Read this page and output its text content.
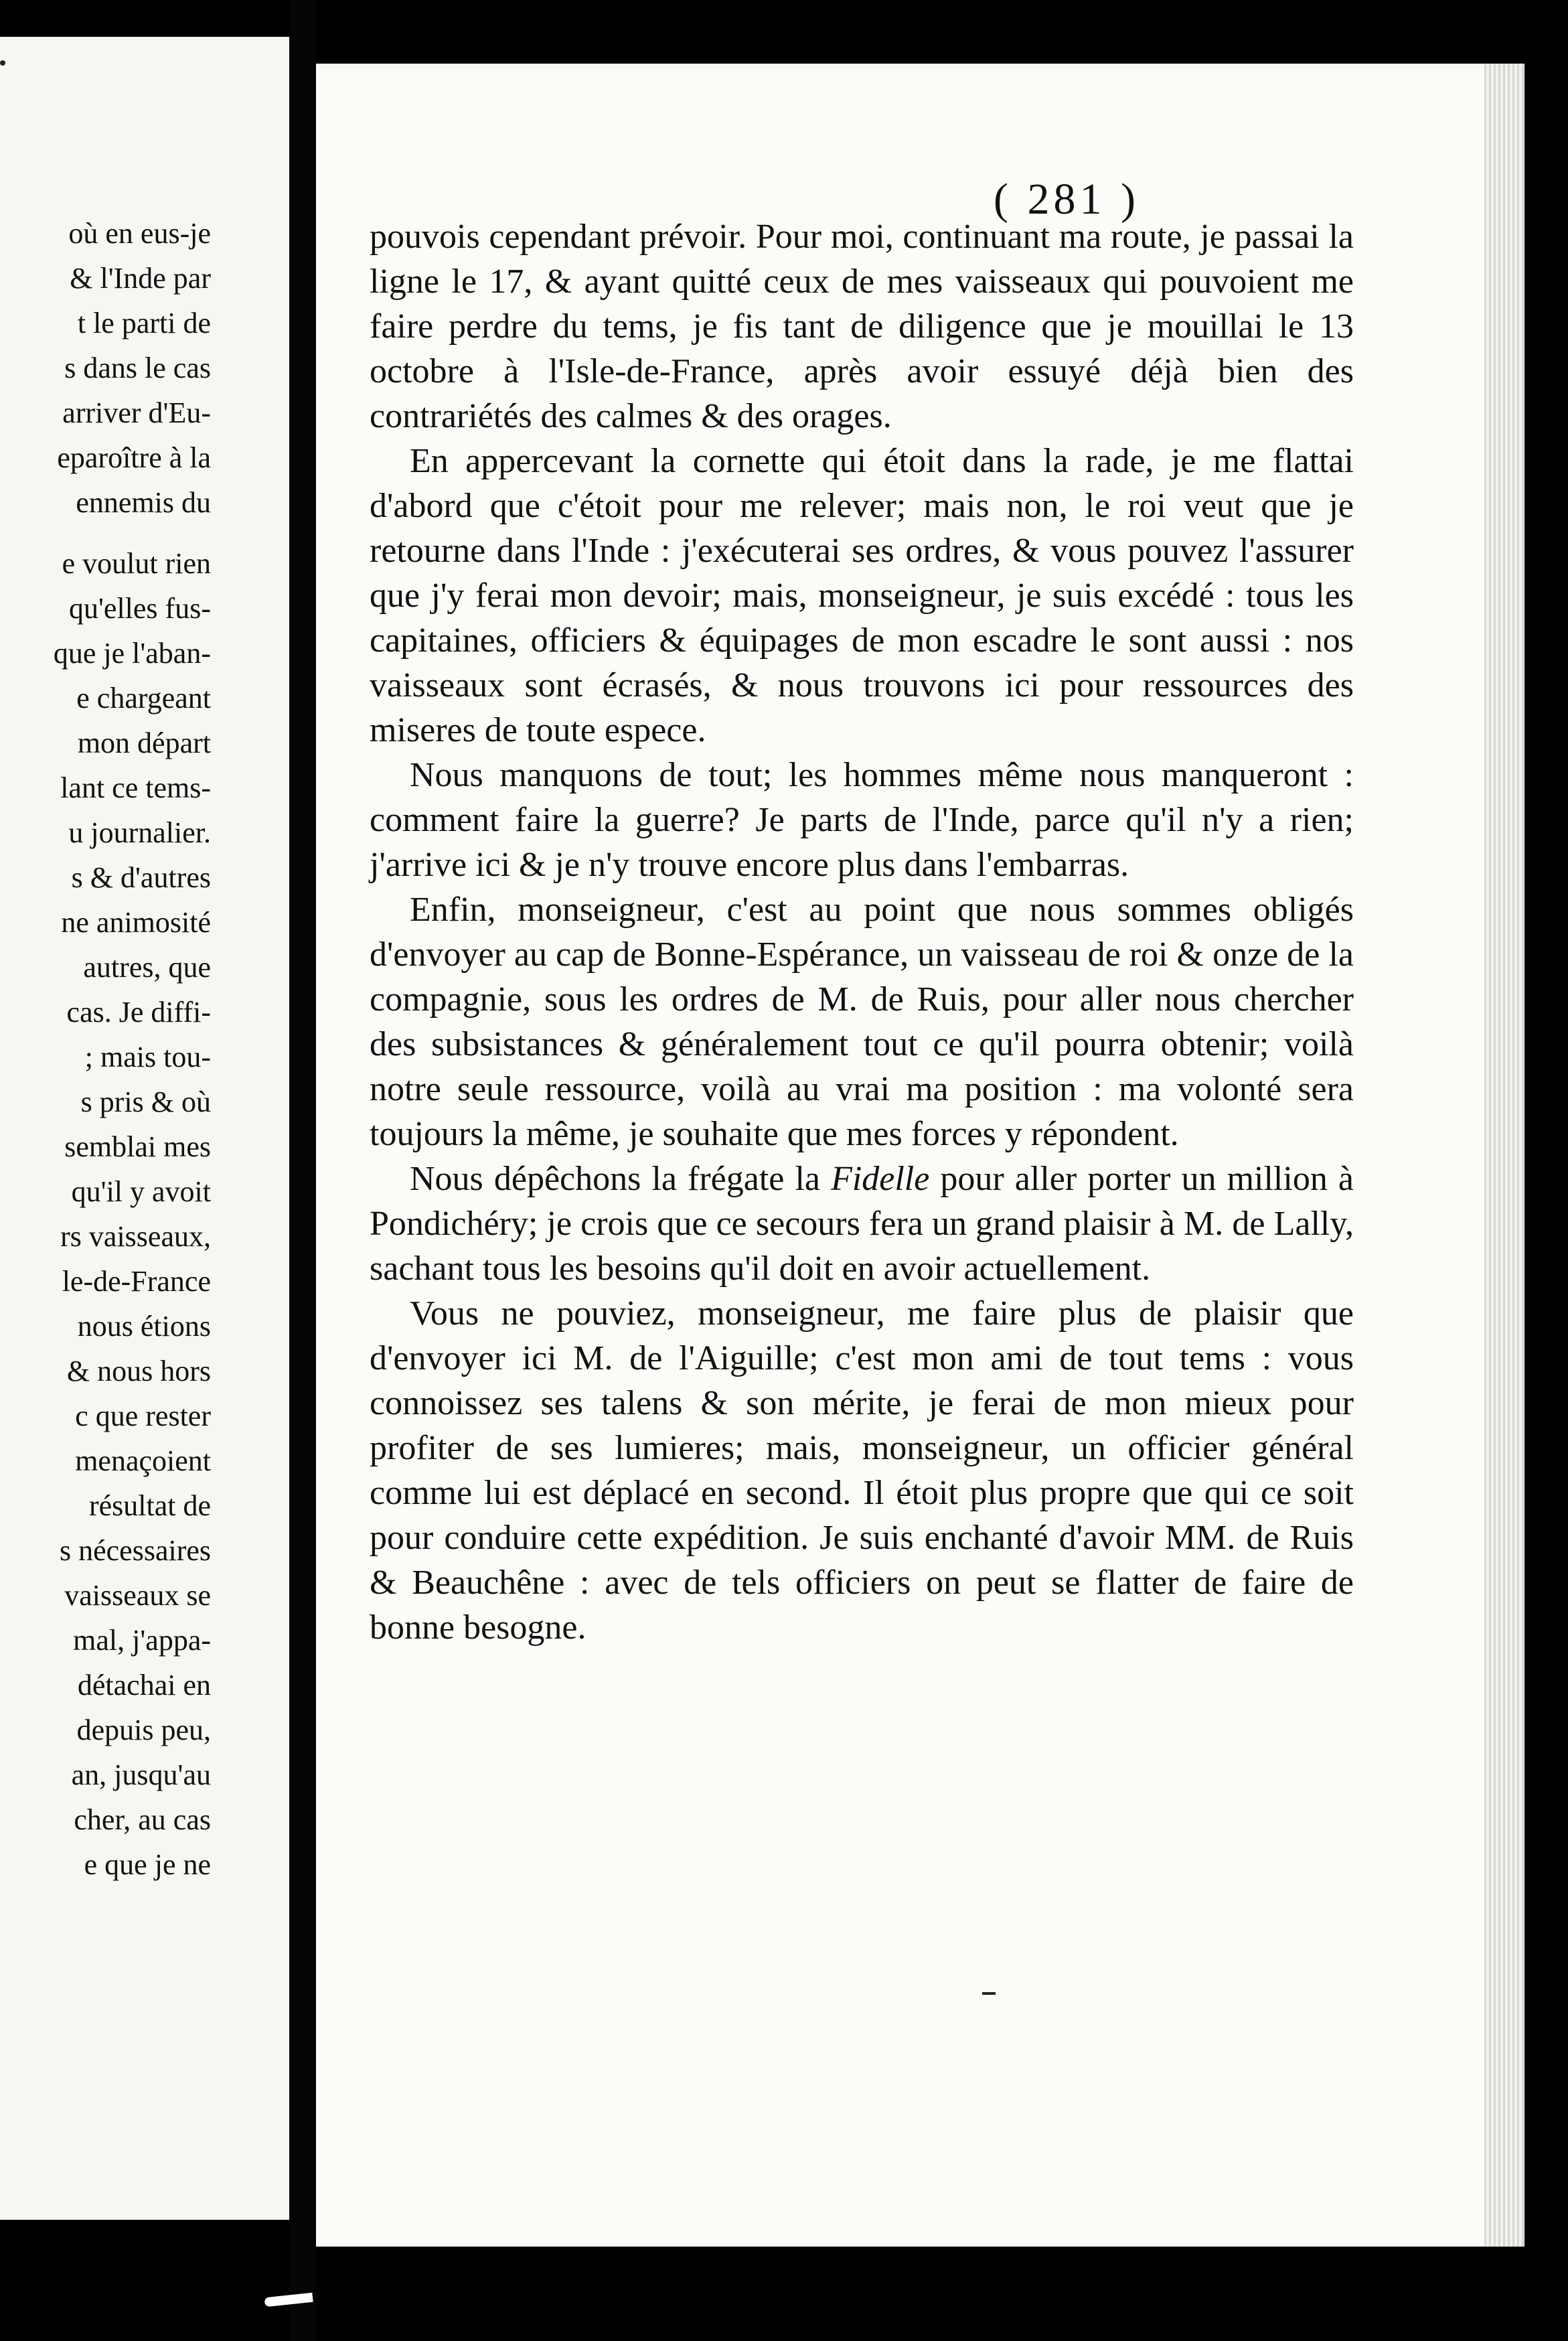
où en eus-je
& l'Inde par
t le parti de
s dans le cas
arriver d'Eu-
eparoître à la
ennemis du
e voulut rien
qu'elles fus-
que je l'aban-
e chargeant
mon départ
lant ce tems-
u journalier.
s & d'autres
ne animosité
autres, que
cas. Je diffi-
; mais tou-
s pris & où
semblai mes
qu'il y avoit
rs vaisseaux,
le-de-France
nous étions
& nous hors
c que rester
menaçoient
résultat de
s nécessaires
vaisseaux se
mal, j'appa-
détachai en
depuis peu,
an, jusqu'au
cher, au cas
e que je ne
( 281 )

pouvois cependant prévoir. Pour moi, continuant ma route, je passai la ligne le 17, & ayant quitté ceux de mes vaisseaux qui pouvoient me faire perdre du tems, je fis tant de diligence que je mouillai le 13 octobre à l'Isle-de-France, après avoir essuyé déjà bien des contrariétés des calmes & des orages.

En appercevant la cornette qui étoit dans la rade, je me flattai d'abord que c'étoit pour me relever; mais non, le roi veut que je retourne dans l'Inde : j'exécuterai ses ordres, & vous pouvez l'assurer que j'y ferai mon devoir; mais, monseigneur, je suis excédé : tous les capitaines, officiers & équipages de mon escadre le sont aussi : nos vaisseaux sont écrasés, & nous trouvons ici pour ressources des miseres de toute espece.

Nous manquons de tout; les hommes même nous manqueront : comment faire la guerre? Je parts de l'Inde, parce qu'il n'y a rien; j'arrive ici & je n'y trouve encore plus dans l'embarras.

Enfin, monseigneur, c'est au point que nous sommes obligés d'envoyer au cap de Bonne-Espérance, un vaisseau de roi & onze de la compagnie, sous les ordres de M. de Ruis, pour aller nous chercher des subsistances & généralement tout ce qu'il pourra obtenir; voilà notre seule ressource, voilà au vrai ma position : ma volonté sera toujours la même, je souhaite que mes forces y répondent.

Nous dépêchons la frégate la Fidelle pour aller porter un million à Pondichéry; je crois que ce secours fera un grand plaisir à M. de Lally, sachant tous les besoins qu'il doit en avoir actuellement.

Vous ne pouviez, monseigneur, me faire plus de plaisir que d'envoyer ici M. de l'Aiguille; c'est mon ami de tout tems : vous connoissez ses talens & son mérite, je ferai de mon mieux pour profiter de ses lumieres; mais, monseigneur, un officier général comme lui est déplacé en second. Il étoit plus propre que qui ce soit pour conduire cette expédition. Je suis enchanté d'avoir MM. de Ruis & Beauchêne : avec de tels officiers on peut se flatter de faire de bonne besogne.
